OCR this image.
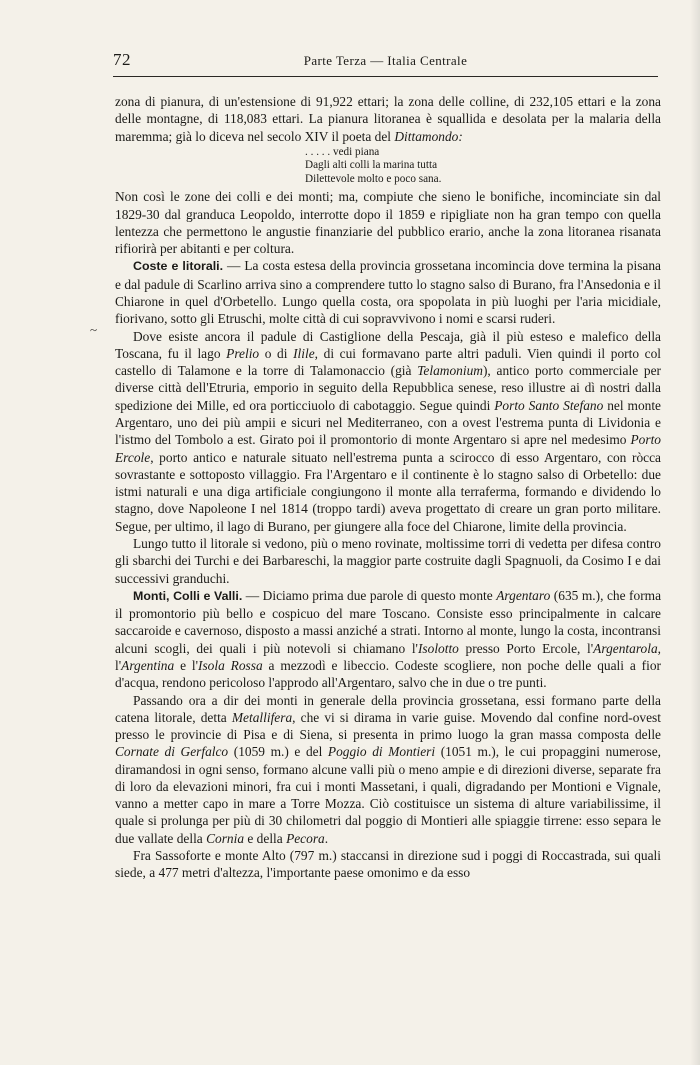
72	Parte Terza — Italia Centrale
~

zona di pianura, di un'estensione di 91,922 ettari; la zona delle colline, di 232,105 ettari e la zona delle montagne, di 118,083 ettari. La pianura litoranea è squallida e desolata per la malaria della maremma; già lo diceva nel secolo XIV il poeta del Dittamondo:

. . . . . vedi piana
Dagli alti colli la marina tutta
Dilettevole molto e poco sana.

Non così le zone dei colli e dei monti; ma, compiute che sieno le bonifiche, incominciate sin dal 1829-30 dal granduca Leopoldo, interrotte dopo il 1859 e ripigliate non ha gran tempo con quella lentezza che permettono le angustie finanziarie del pubblico erario, anche la zona litoranea risanata rifiorirà per abitanti e per coltura.

Coste e litorali. — La costa estesa della provincia grossetana incomincia dove termina la pisana e dal padule di Scarlino arriva sino a comprendere tutto lo stagno salso di Burano, fra l'Ansedonia e il Chiarone in quel d'Orbetello. Lungo quella costa, ora spopolata in più luoghi per l'aria micidiale, fiorivano, sotto gli Etruschi, molte città di cui sopravvivono i nomi e scarsi ruderi.

Dove esiste ancora il padule di Castiglione della Pescaja, già il più esteso e malefico della Toscana, fu il lago Prelio o di Ilile, di cui formavano parte altri paduli. Vien quindi il porto col castello di Talamone e la torre di Talamonaccio (già Telamonium), antico porto commerciale per diverse città dell'Etruria, emporio in seguito della Repubblica senese, reso illustre ai dì nostri dalla spedizione dei Mille, ed ora porticciuolo di cabotaggio. Segue quindi Porto Santo Stefano nel monte Argentaro, uno dei più ampii e sicuri nel Mediterraneo, con a ovest l'estrema punta di Lividonia e l'istmo del Tombolo a est. Girato poi il promontorio di monte Argentaro si apre nel medesimo Porto Ercole, porto antico e naturale situato nell'estrema punta a scirocco di esso Argentaro, con ròcca sovrastante e sottoposto villaggio. Fra l'Argentaro e il continente è lo stagno salso di Orbetello: due istmi naturali e una diga artificiale congiungono il monte alla terraferma, formando e dividendo lo stagno, dove Napoleone I nel 1814 (troppo tardi) aveva progettato di creare un gran porto militare. Segue, per ultimo, il lago di Burano, per giungere alla foce del Chiarone, limite della provincia.

Lungo tutto il litorale si vedono, più o meno rovinate, moltissime torri di vedetta per difesa contro gli sbarchi dei Turchi e dei Barbareschi, la maggior parte costruite dagli Spagnuoli, da Cosimo I e dai successivi granduchi.

Monti, Colli e Valli. — Diciamo prima due parole di questo monte Argentaro (635 m.), che forma il promontorio più bello e cospicuo del mare Toscano. Consiste esso principalmente in calcare saccaroide e cavernoso, disposto a massi anziché a strati. Intorno al monte, lungo la costa, incontransi alcuni scogli, dei quali i più notevoli si chiamano l'Isolotto presso Porto Ercole, l'Argentarola, l'Argentina e l'Isola Rossa a mezzodì e libeccio. Codeste scogliere, non poche delle quali a fior d'acqua, rendono pericoloso l'approdo all'Argentaro, salvo che in due o tre punti.

Passando ora a dir dei monti in generale della provincia grossetana, essi formano parte della catena litorale, detta Metallifera, che vi si dirama in varie guise. Movendo dal confine nord-ovest presso le provincie di Pisa e di Siena, si presenta in primo luogo la gran massa composta delle Cornate di Gerfalco (1059 m.) e del Poggio di Montieri (1051 m.), le cui propaggini numerose, diramandosi in ogni senso, formano alcune valli più o meno ampie e di direzioni diverse, separate fra di loro da elevazioni minori, fra cui i monti Massetani, i quali, digradando per Montioni e Vignale, vanno a metter capo in mare a Torre Mozza. Ciò costituisce un sistema di alture variabilissime, il quale si prolunga per più di 30 chilometri dal poggio di Montieri alle spiaggie tirrene: esso separa le due vallate della Cornia e della Pecora.

Fra Sassoforte e monte Alto (797 m.) staccansi in direzione sud i poggi di Roccastrada, sui quali siede, a 477 metri d'altezza, l'importante paese omonimo e da esso
